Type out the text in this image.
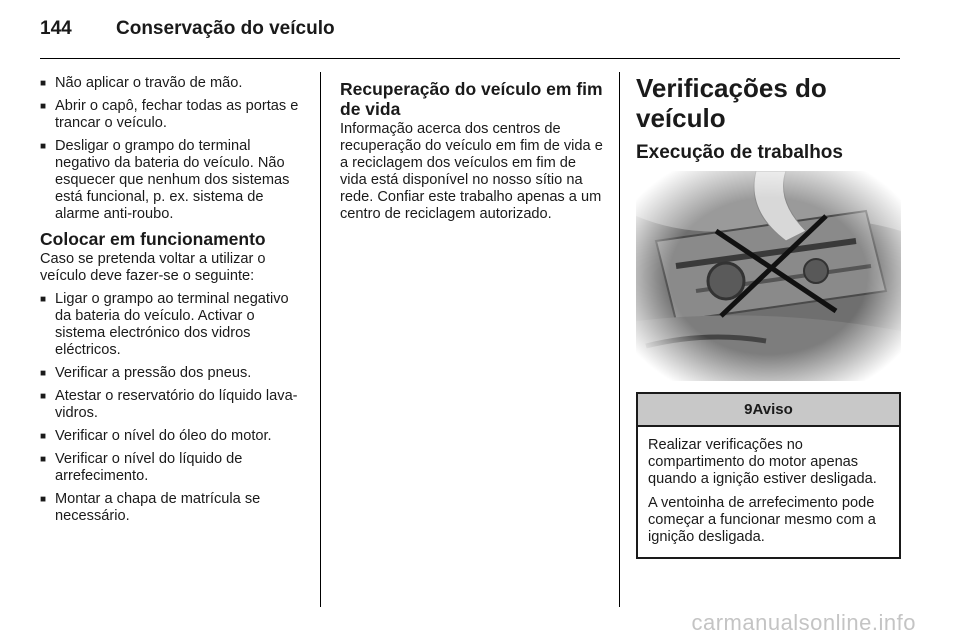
144 Conservação do veículo
■ Não aplicar o travão de mão.
■ Abrir o capô, fechar todas as portas e trancar o veículo.
■ Desligar o grampo do terminal negativo da bateria do veículo. Não esquecer que nenhum dos sistemas está funcional, p. ex. sistema de alarme anti-roubo.
Colocar em funcionamento
Caso se pretenda voltar a utilizar o veículo deve fazer-se o seguinte:
■ Ligar o grampo ao terminal negativo da bateria do veículo. Activar o sistema electrónico dos vidros eléctricos.
■ Verificar a pressão dos pneus.
■ Atestar o reservatório do líquido lava-vidros.
■ Verificar o nível do óleo do motor.
■ Verificar o nível do líquido de arrefecimento.
■ Montar a chapa de matrícula se necessário.
Recuperação do veículo em fim de vida
Informação acerca dos centros de recuperação do veículo em fim de vida e a reciclagem dos veículos em fim de vida está disponível no nosso sítio na rede. Confiar este trabalho apenas a um centro de reciclagem autorizado.
Verificações do veículo
Execução de trabalhos
9Aviso
Realizar verificações no compartimento do motor apenas quando a ignição estiver desligada.
A ventoinha de arrefecimento pode começar a funcionar mesmo com a ignição desligada.
carmanualsonline.info
